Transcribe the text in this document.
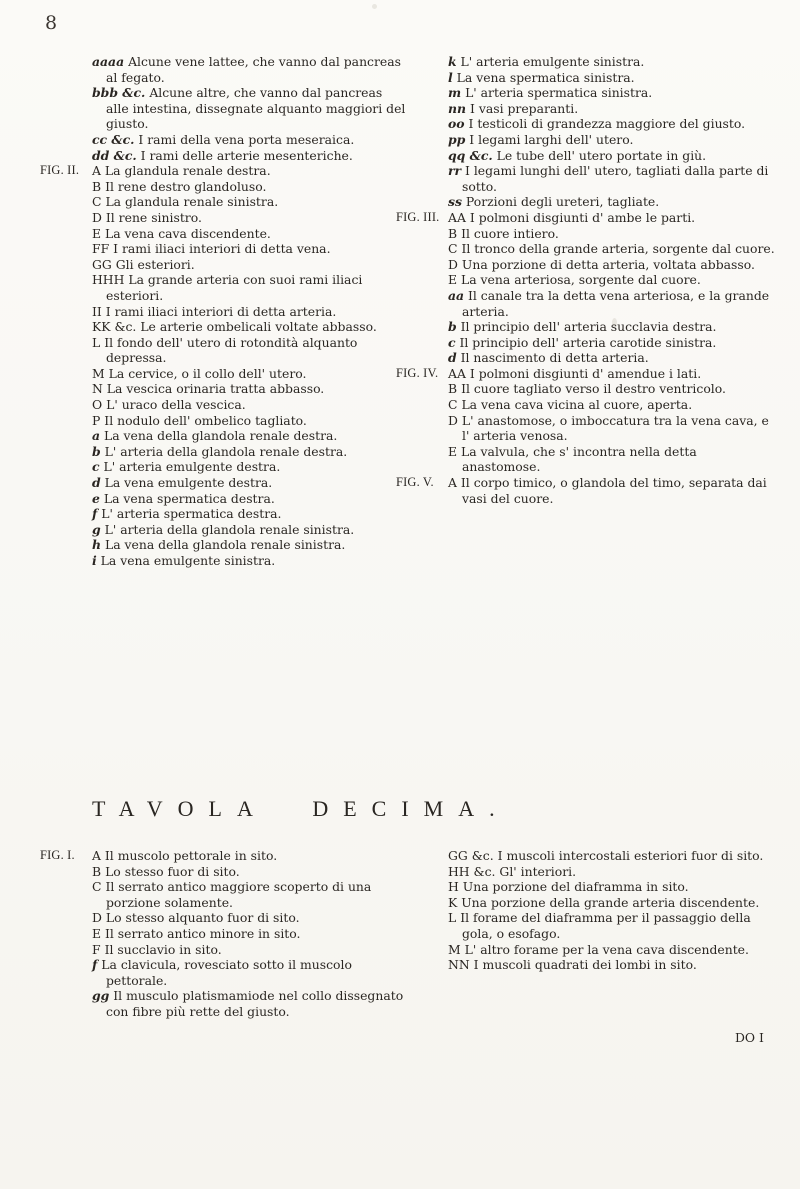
8

aaaa Alcune vene lattee, che vanno dal pancreas al fegato.

bbb &c. Alcune altre, che vanno dal pancreas alle intestina, dissegnate alquanto maggiori del giusto.

cc &c. I rami della vena porta meseraica.

dd &c. I rami delle arterie mesenteriche.

FIG. II. A La glandula renale destra.

B Il rene destro glandoluso.

C La glandula renale sinistra.

D Il rene sinistro.

E La vena cava discendente.

FF I rami iliaci interiori di detta vena.

GG Gli esteriori.

HHH La grande arteria con suoi rami iliaci esteriori.

II I rami iliaci interiori di detta arteria.

KK &c. Le arterie ombelicali voltate abbasso.

L Il fondo dell' utero di rotondità alquanto depressa.

M La cervice, o il collo dell' utero.

N La vescica orinaria tratta abbasso.

O L' uraco della vescica.

P Il nodulo dell' ombelico tagliato.

a La vena della glandola renale destra.

b L' arteria della glandola renale destra.

c L' arteria emulgente destra.

d La vena emulgente destra.

e La vena spermatica destra.

f L' arteria spermatica destra.

g L' arteria della glandola renale sinistra.

h La vena della glandola renale sinistra.

i La vena emulgente sinistra.

k L' arteria emulgente sinistra.

l La vena spermatica sinistra.

m L' arteria spermatica sinistra.

nn I vasi preparanti.

oo I testicoli di grandezza maggiore del giusto.

pp I legami larghi dell' utero.

qq &c. Le tube dell' utero portate in giù.

rr I legami lunghi dell' utero, tagliati dalla parte di sotto.

ss Porzioni degli ureteri, tagliate.

FIG. III. AA I polmoni disgiunti d' ambe le parti.

B Il cuore intiero.

C Il tronco della grande arteria, sorgente dal cuore.

D Una porzione di detta arteria, voltata abbasso.

E La vena arteriosa, sorgente dal cuore.

aa Il canale tra la detta vena arteriosa, e la grande arteria.

b Il principio dell' arteria succlavia destra.

c Il principio dell' arteria carotide sinistra.

d Il nascimento di detta arteria.

FIG. IV. AA I polmoni disgiunti d' amendue i lati.

B Il cuore tagliato verso il destro ventricolo.

C La vena cava vicina al cuore, aperta.

D L' anastomose, o imboccatura tra la vena cava, e l' arteria venosa.

E La valvula, che s' incontra nella detta anastomose.

FIG. V. A Il corpo timico, o glandola del timo, separata dai vasi del cuore.

TAVOLA DECIMA.

FIG. I. A Il muscolo pettorale in sito.

B Lo stesso fuor di sito.

C Il serrato antico maggiore scoperto di una porzione solamente.

D Lo stesso alquanto fuor di sito.

E Il serrato antico minore in sito.

F Il succlavio in sito.

f La clavicula, rovesciato sotto il muscolo pettorale.

gg Il musculo platismamiode nel collo dissegnato con fibre più rette del giusto.

GG &c. I muscoli intercostali esteriori fuor di sito.

HH &c. Gl' interiori.

H Una porzione del diaframma in sito.

K Una porzione della grande arteria discendente.

L Il forame del diaframma per il passaggio della gola, o esofago.

M L' altro forame per la vena cava discendente.

NN I muscoli quadrati dei lombi in sito.

DO I
